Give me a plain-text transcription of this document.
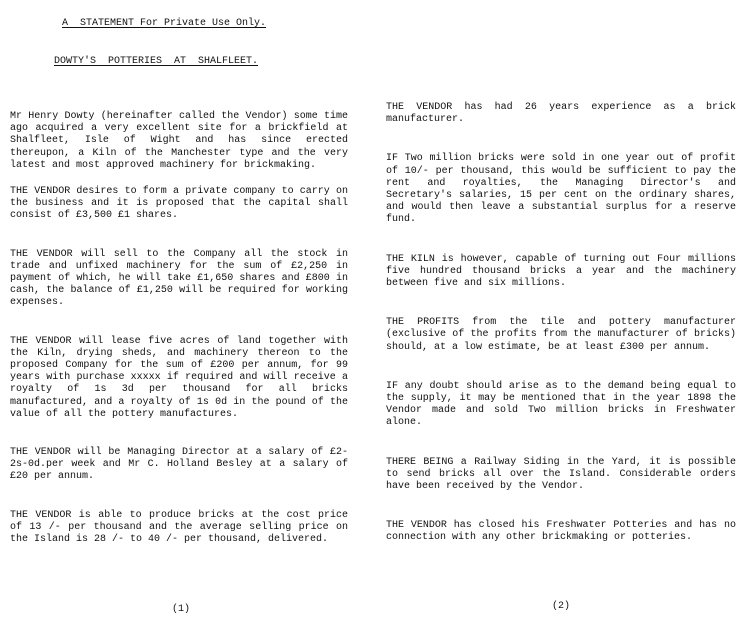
A  STATEMENT For Private Use Only.
DOWTY'S  POTTERIES  AT  SHALFLEET.

Mr Henry Dowty (hereinafter called the Vendor) some time ago acquired a very excellent site for a brickfield at Shalfleet, Isle of Wight and has since erected thereupon, a Kiln of the Manchester type and the very latest and most approved machinery for brickmaking.

THE VENDOR desires to form a private company to carry on the business and it is proposed that the capital shall consist of £3,500 £1 shares.

THE VENDOR will sell to the Company all the stock in trade and unfixed machinery for the sum of £2,250 in payment of which, he will take £1,650 shares and £800 in cash, the balance of £1,250 will be required for working expenses.

THE VENDOR will lease five acres of land together with the Kiln, drying sheds, and machinery thereon to the proposed Company for the sum of £200 per annum, for 99 years with purchase xxxxx if required and will receive a royalty of 1s 3d per thousand for all bricks manufactured, and a royalty of 1s 0d in the pound of the value of all the pottery manufactures.

THE VENDOR will be Managing Director at a salary of £2-2s-0d.per week and Mr C. Holland Besley at a salary of £20 per annum.

THE VENDOR is able to produce bricks at the cost price of 13 /- per thousand and the average selling price on the Island is 28 /- to 40 /- per thousand, delivered.

(1)

THE VENDOR has had 26 years experience as a brick manufacturer.

IF Two million bricks were sold in one year out of profit of 10/- per thousand, this would be sufficient to pay the rent and royalties, the Managing Director's and Secretary's salaries, 15 per cent on the ordinary shares, and would then leave a substantial surplus for a reserve fund.

THE KILN is however, capable of turning out Four millions five hundred thousand bricks a year and the machinery between five and six millions.

THE PROFITS from the tile and pottery manufacturer (exclusive of the profits from the manufacturer of bricks) should, at a low estimate, be at least £300 per annum.

IF any doubt should arise as to the demand being equal to the supply, it may be mentioned that in the year 1898 the Vendor made and sold Two million bricks in Freshwater alone.

THERE BEING a Railway Siding in the Yard, it is possible to send bricks all over the Island. Considerable orders have been received by the Vendor.

THE VENDOR has closed his Freshwater Potteries and has no connection with any other brickmaking or potteries.

(2)
